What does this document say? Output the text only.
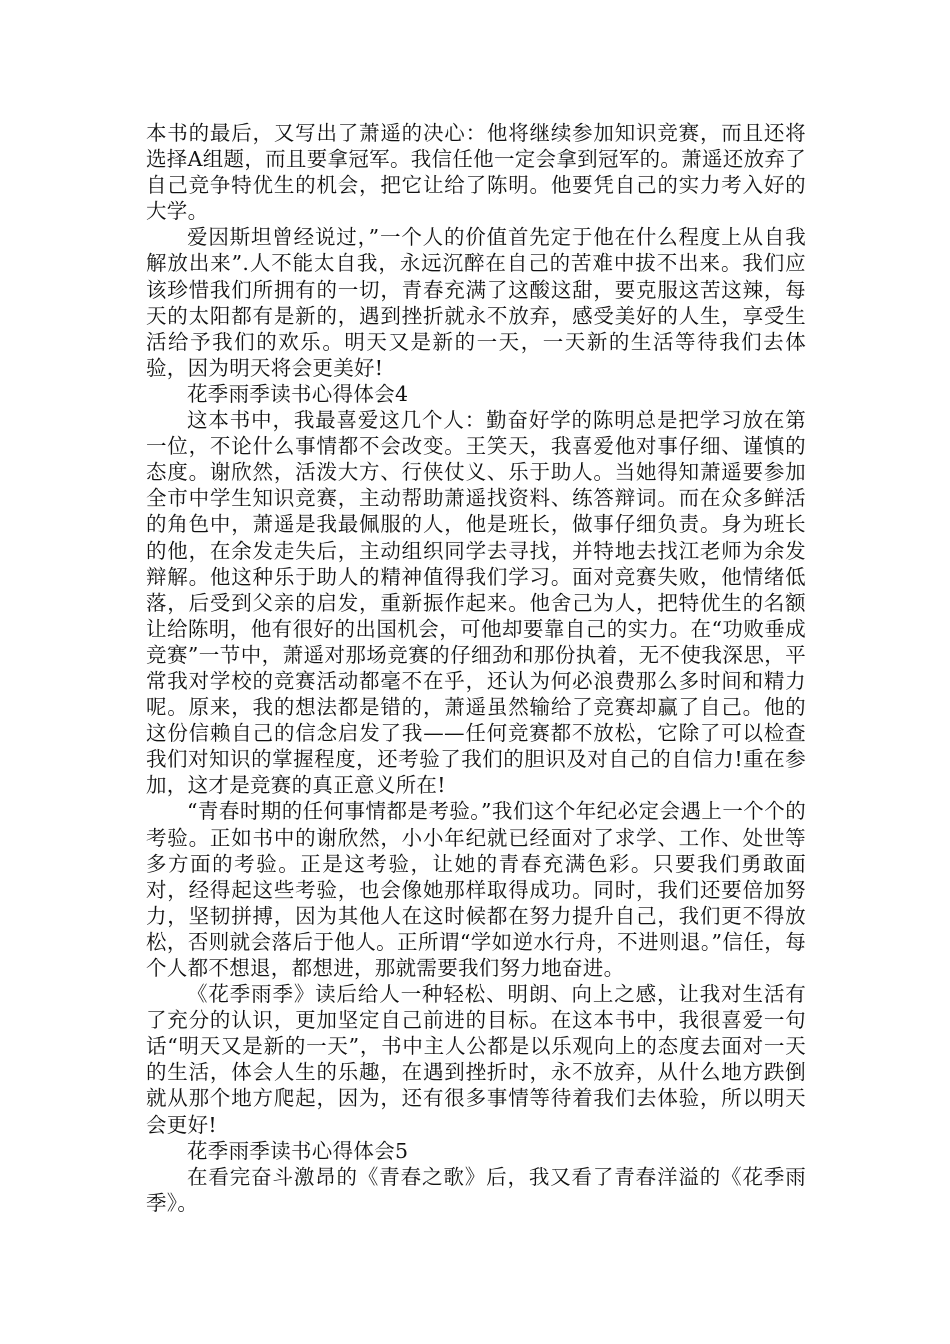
本书的最后，又写出了萧遥的决心：他将继续参加知识竞赛，而且还将选择A组题，而且要拿冠军。我信任他一定会拿到冠军的。萧遥还放弃了自己竞争特优生的机会，把它让给了陈明。他要凭自己的实力考入好的大学。

爱因斯坦曾经说过，”一个人的价值首先定于他在什么程度上从自我解放出来”.人不能太自我，永远沉醉在自己的苦难中拔不出来。我们应该珍惜我们所拥有的一切，青春充满了这酸这甜，要克服这苦这辣，每天的太阳都有是新的，遇到挫折就永不放弃，感受美好的人生，享受生活给予我们的欢乐。明天又是新的一天，一天新的生活等待我们去体验，因为明天将会更美好!

花季雨季读书心得体会4

这本书中，我最喜爱这几个人：勤奋好学的陈明总是把学习放在第一位，不论什么事情都不会改变。王笑天，我喜爱他对事仔细、谨慎的态度。谢欣然，活泼大方、行侠仗义、乐于助人。当她得知萧遥要参加全市中学生知识竞赛，主动帮助萧遥找资料、练答辩词。而在众多鲜活的角色中，萧遥是我最佩服的人，他是班长，做事仔细负责。身为班长的他，在余发走失后，主动组织同学去寻找，并特地去找江老师为余发辩解。他这种乐于助人的精神值得我们学习。面对竞赛失败，他情绪低落，后受到父亲的启发，重新振作起来。他舍己为人，把特优生的名额让给陈明，他有很好的出国机会，可他却要靠自己的实力。在“功败垂成竞赛”一节中，萧遥对那场竞赛的仔细劲和那份执着，无不使我深思，平常我对学校的竞赛活动都毫不在乎，还认为何必浪费那么多时间和精力呢。原来，我的想法都是错的，萧遥虽然输给了竞赛却赢了自己。他的这份信赖自己的信念启发了我——任何竞赛都不放松，它除了可以检查我们对知识的掌握程度，还考验了我们的胆识及对自己的自信力!重在参加，这才是竞赛的真正意义所在!

“青春时期的任何事情都是考验。”我们这个年纪必定会遇上一个个的考验。正如书中的谢欣然，小小年纪就已经面对了求学、工作、处世等多方面的考验。正是这考验，让她的青春充满色彩。只要我们勇敢面对，经得起这些考验，也会像她那样取得成功。同时，我们还要倍加努力，坚韧拼搏，因为其他人在这时候都在努力提升自己，我们更不得放松，否则就会落后于他人。正所谓“学如逆水行舟，不进则退。”信任，每个人都不想退，都想进，那就需要我们努力地奋进。

《花季雨季》读后给人一种轻松、明朗、向上之感，让我对生活有了充分的认识，更加坚定自己前进的目标。在这本书中，我很喜爱一句话“明天又是新的一天”，书中主人公都是以乐观向上的态度去面对一天的生活，体会人生的乐趣，在遇到挫折时，永不放弃，从什么地方跌倒就从那个地方爬起，因为，还有很多事情等待着我们去体验，所以明天会更好!

花季雨季读书心得体会5

在看完奋斗激昂的《青春之歌》后，我又看了青春洋溢的《花季雨季》。
